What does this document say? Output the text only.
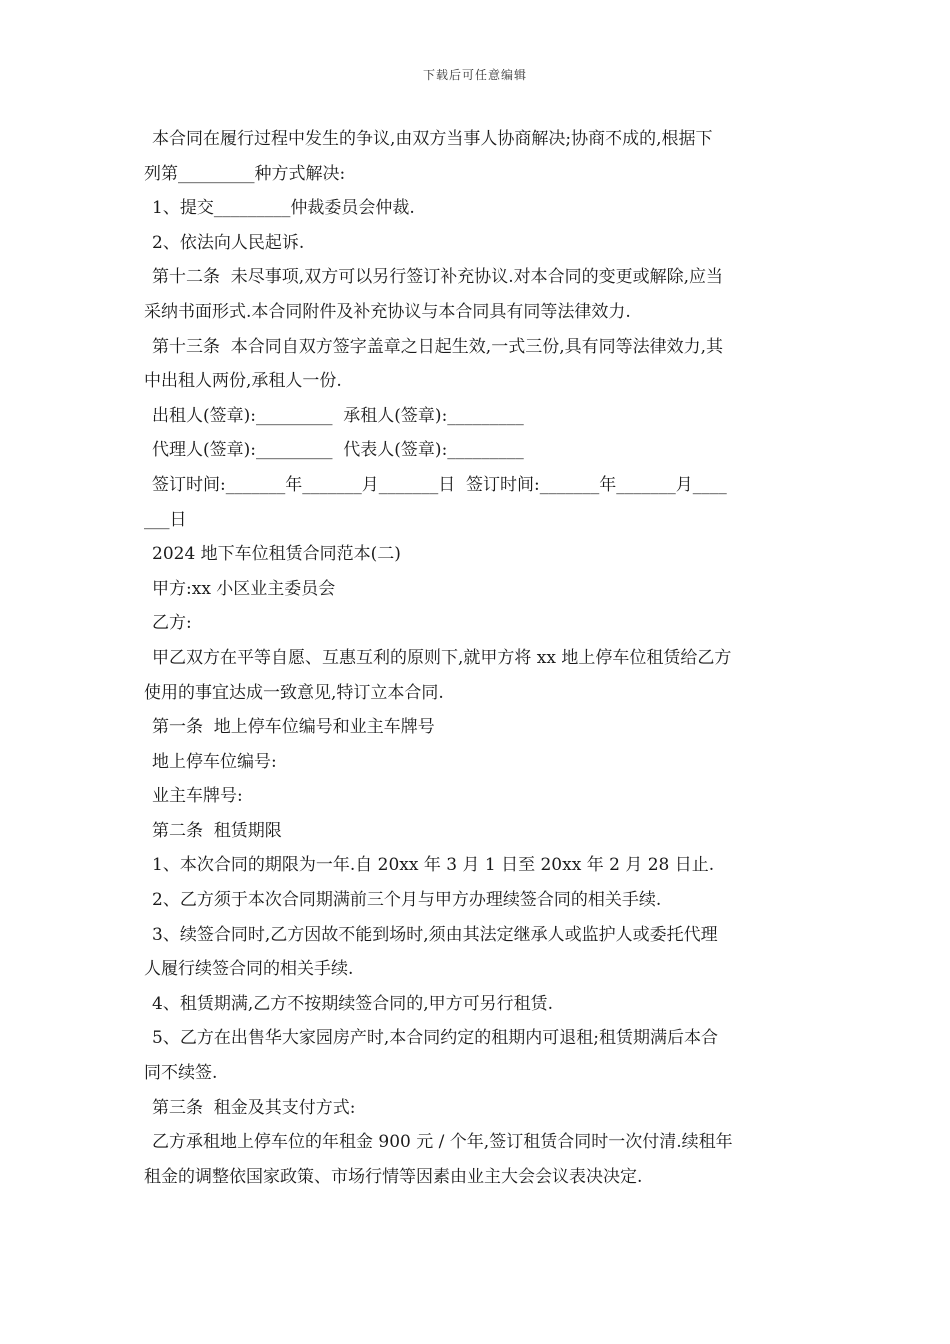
下载后可任意编辑
本合同在履行过程中发生的争议,由双方当事人协商解决;协商不成的,根据下
列第_________种方式解决:
1、提交_________仲裁委员会仲裁.
2、依法向人民起诉.
第十二条  未尽事项,双方可以另行签订补充协议.对本合同的变更或解除,应当
采纳书面形式.本合同附件及补充协议与本合同具有同等法律效力.
第十三条  本合同自双方签字盖章之日起生效,一式三份,具有同等法律效力,其
中出租人两份,承租人一份.
出租人(签章):_________  承租人(签章):_________
代理人(签章):_________  代表人(签章):_________
签订时间:_______年_______月_______日  签订时间:_______年_______月____
___日
2024 地下车位租赁合同范本(二)
甲方:xx 小区业主委员会
乙方:
甲乙双方在平等自愿、互惠互利的原则下,就甲方将 xx 地上停车位租赁给乙方
使用的事宜达成一致意见,特订立本合同.
第一条  地上停车位编号和业主车牌号
地上停车位编号:
业主车牌号:
第二条  租赁期限
1、本次合同的期限为一年.自 20xx 年 3 月 1 日至 20xx 年 2 月 28 日止.
2、乙方须于本次合同期满前三个月与甲方办理续签合同的相关手续.
3、续签合同时,乙方因故不能到场时,须由其法定继承人或监护人或委托代理
人履行续签合同的相关手续.
4、租赁期满,乙方不按期续签合同的,甲方可另行租赁.
5、乙方在出售华大家园房产时,本合同约定的租期内可退租;租赁期满后本合
同不续签.
第三条  租金及其支付方式:
乙方承租地上停车位的年租金 900 元 / 个年,签订租赁合同时一次付清.续租年
租金的调整依国家政策、市场行情等因素由业主大会会议表决决定.
